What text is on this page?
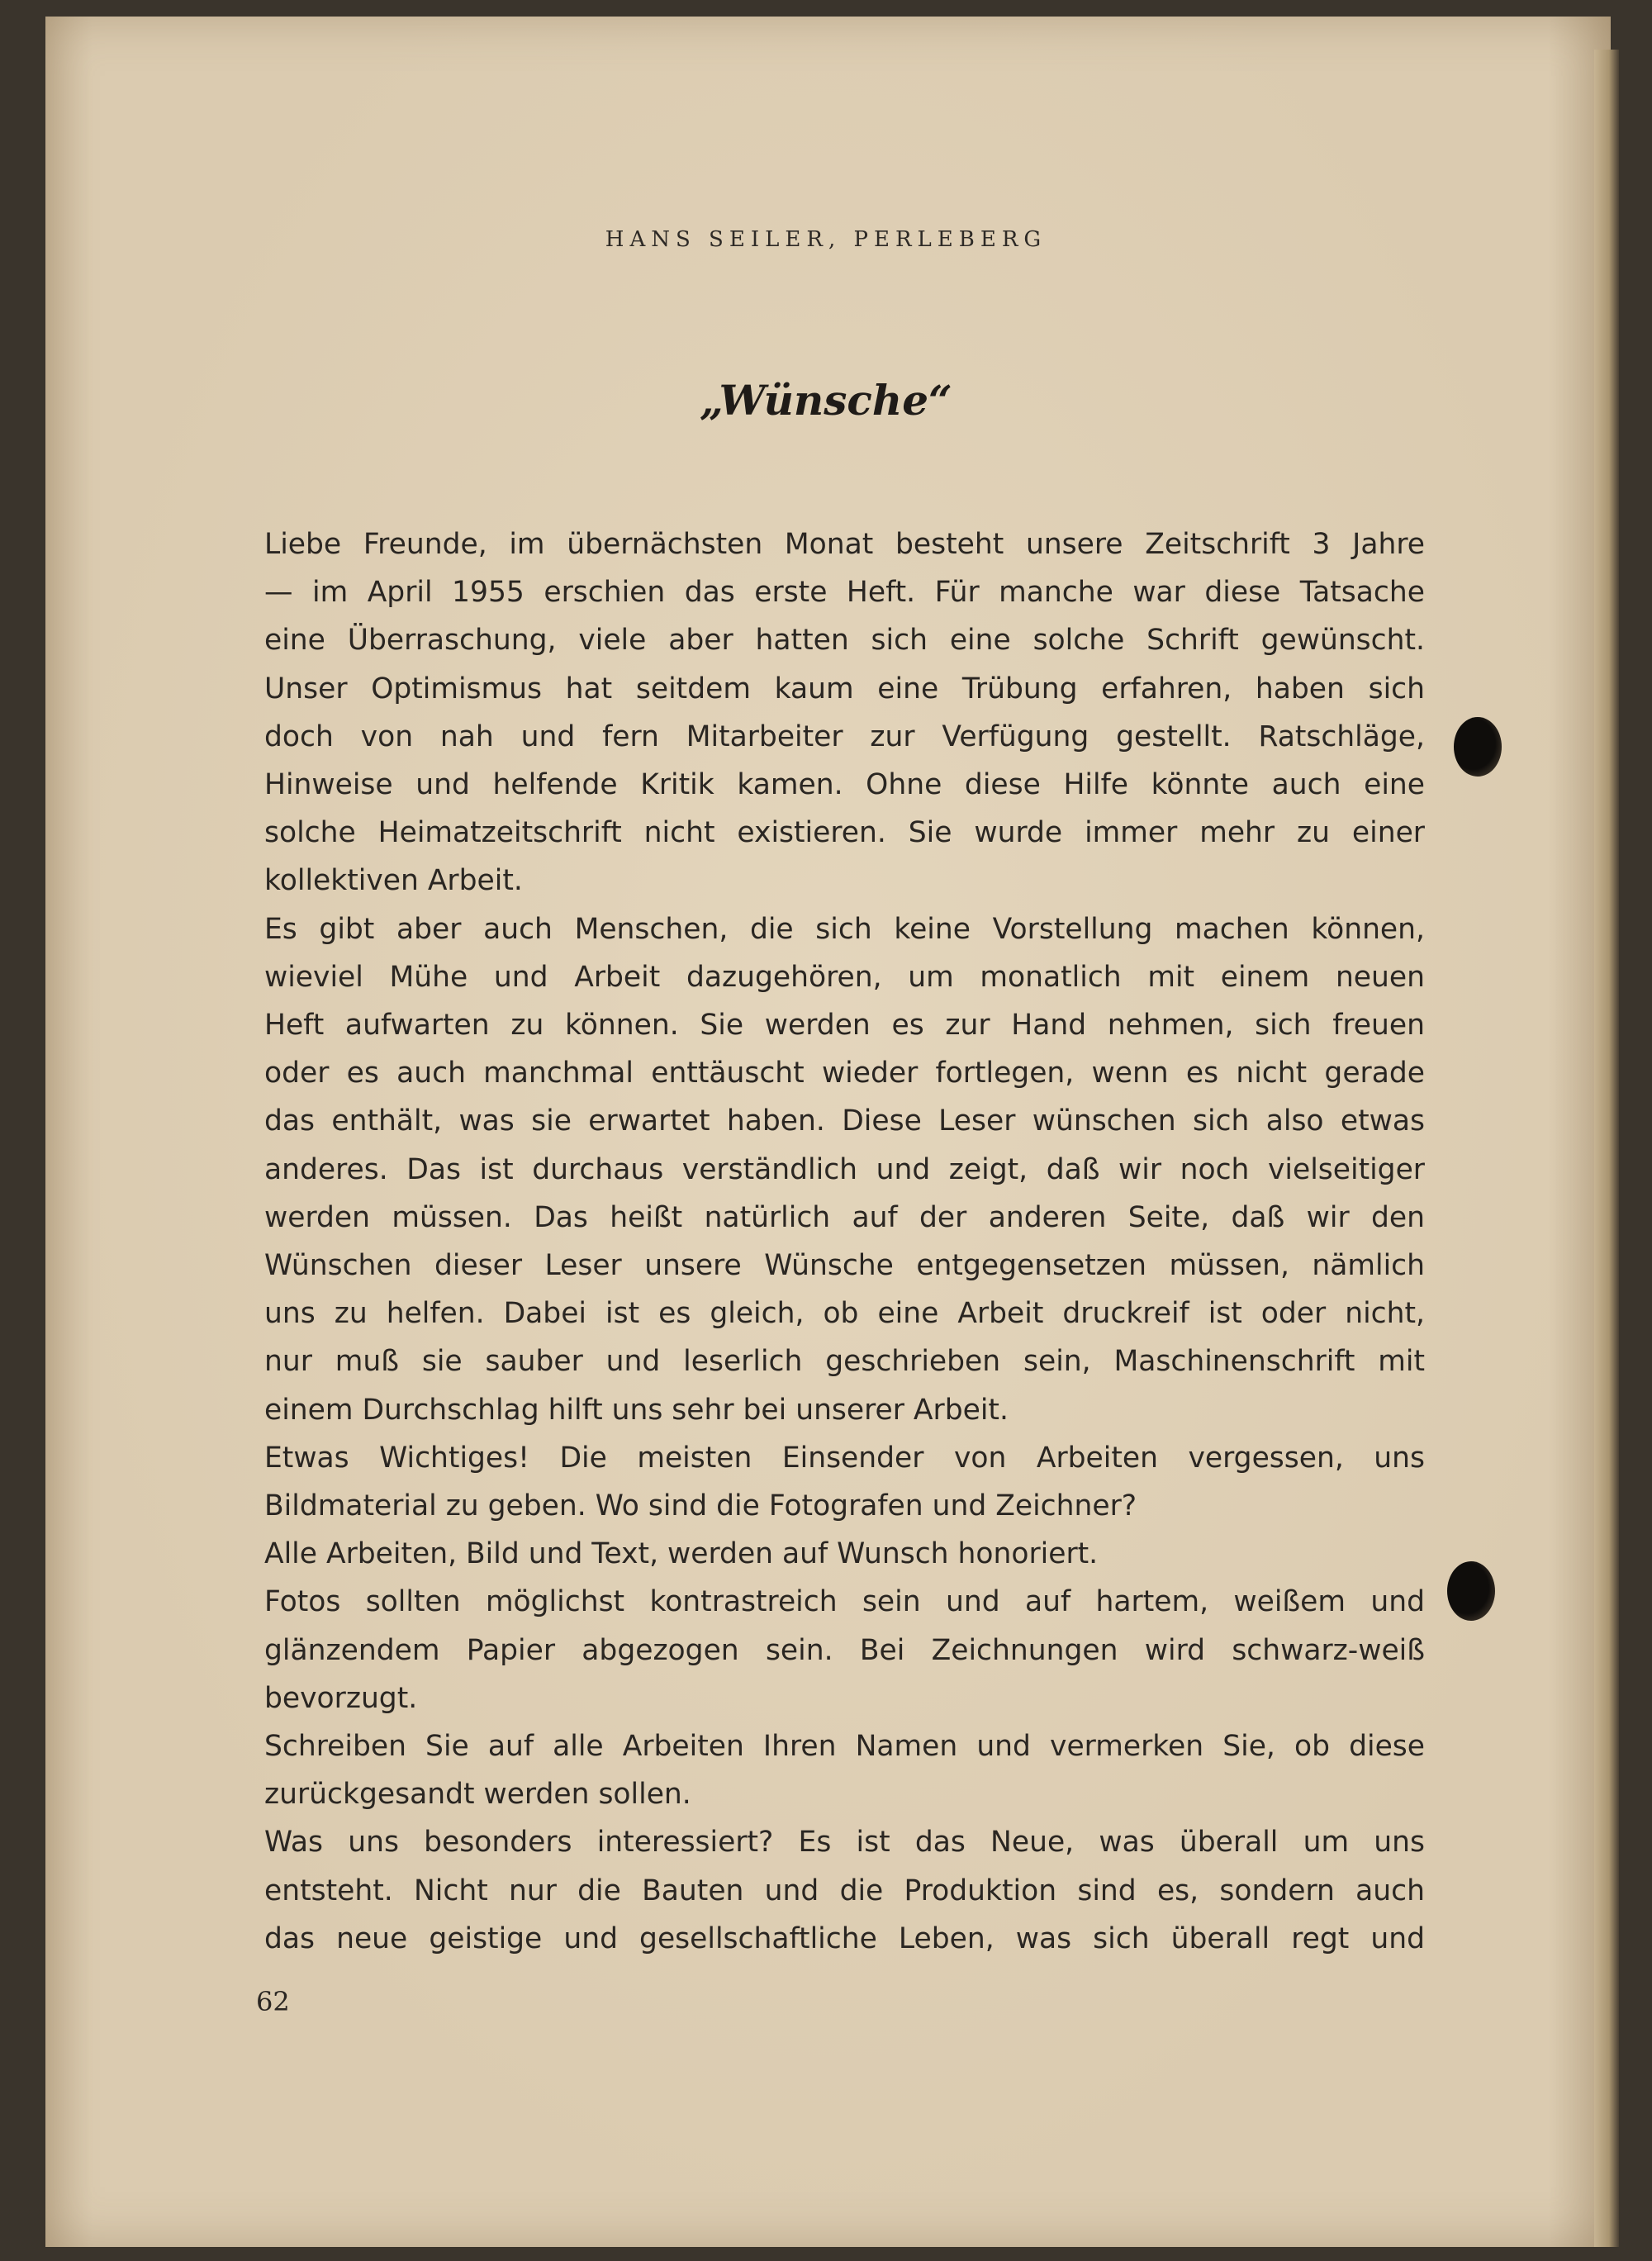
HANS SEILER, PERLEBERG
„Wünsche“
Liebe Freunde, im übernächsten Monat besteht unsere Zeitschrift 3 Jahre
— im April 1955 erschien das erste Heft. Für manche war diese Tatsache
eine Überraschung, viele aber hatten sich eine solche Schrift gewünscht.
Unser Optimismus hat seitdem kaum eine Trübung erfahren, haben sich
doch von nah und fern Mitarbeiter zur Verfügung gestellt. Ratschläge,
Hinweise und helfende Kritik kamen. Ohne diese Hilfe könnte auch eine
solche Heimatzeitschrift nicht existieren. Sie wurde immer mehr zu einer
kollektiven Arbeit.
Es gibt aber auch Menschen, die sich keine Vorstellung machen können,
wieviel Mühe und Arbeit dazugehören, um monatlich mit einem neuen
Heft aufwarten zu können. Sie werden es zur Hand nehmen, sich freuen
oder es auch manchmal enttäuscht wieder fortlegen, wenn es nicht gerade
das enthält, was sie erwartet haben. Diese Leser wünschen sich also etwas
anderes. Das ist durchaus verständlich und zeigt, daß wir noch vielseitiger
werden müssen. Das heißt natürlich auf der anderen Seite, daß wir den
Wünschen dieser Leser unsere Wünsche entgegensetzen müssen, nämlich
uns zu helfen. Dabei ist es gleich, ob eine Arbeit druckreif ist oder nicht,
nur muß sie sauber und leserlich geschrieben sein, Maschinenschrift mit
einem Durchschlag hilft uns sehr bei unserer Arbeit.
Etwas Wichtiges! Die meisten Einsender von Arbeiten vergessen, uns
Bildmaterial zu geben. Wo sind die Fotografen und Zeichner?
Alle Arbeiten, Bild und Text, werden auf Wunsch honoriert.
Fotos sollten möglichst kontrastreich sein und auf hartem, weißem und
glänzendem Papier abgezogen sein. Bei Zeichnungen wird schwarz-weiß
bevorzugt.
Schreiben Sie auf alle Arbeiten Ihren Namen und vermerken Sie, ob diese
zurückgesandt werden sollen.
Was uns besonders interessiert? Es ist das Neue, was überall um uns
entsteht. Nicht nur die Bauten und die Produktion sind es, sondern auch
das neue geistige und gesellschaftliche Leben, was sich überall regt und
62
